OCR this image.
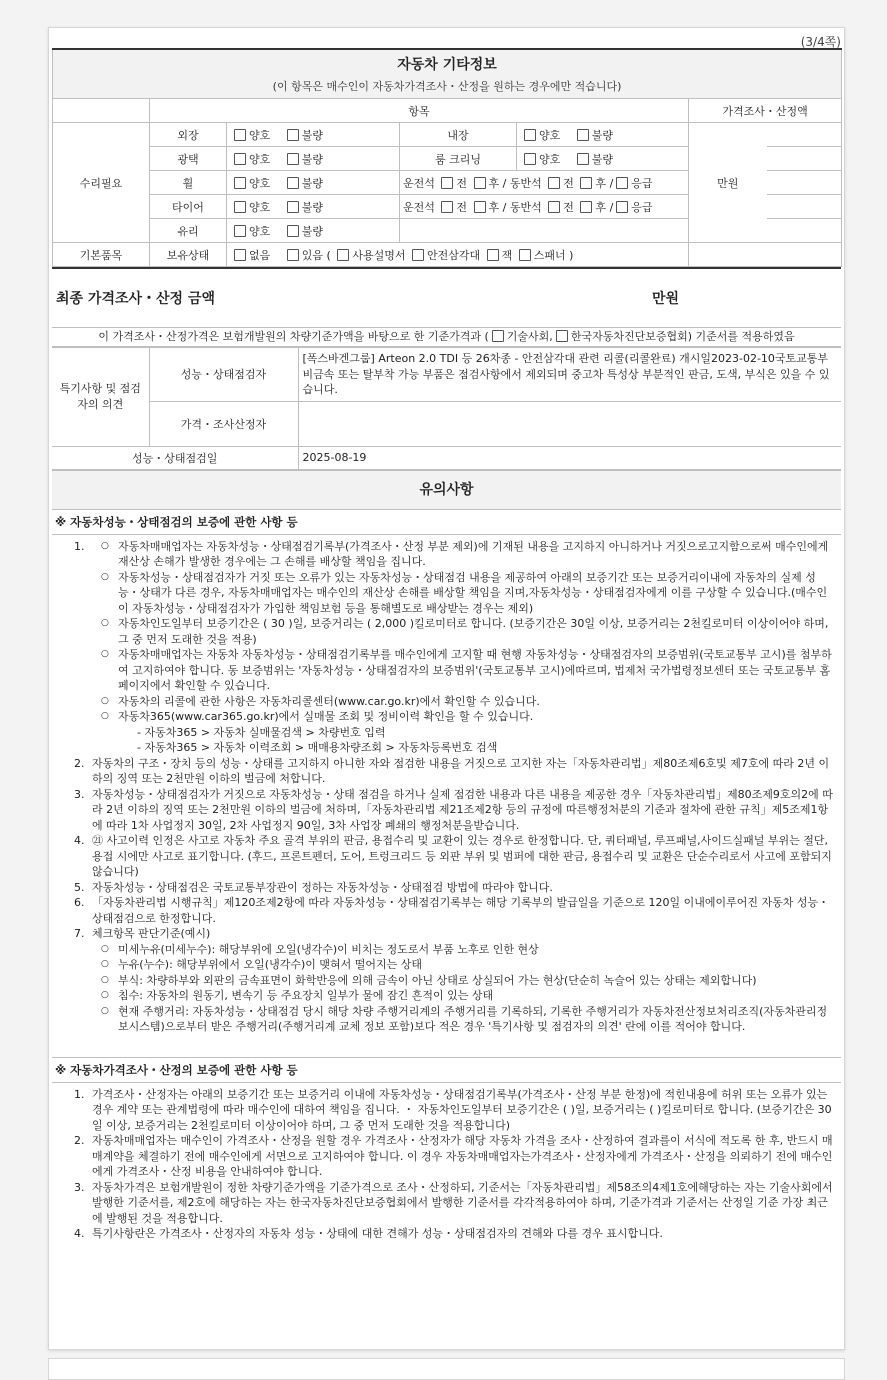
(3/4쪽)
자동차 기타정보
(이 항목은 매수인이 자동차가격조사・산정을 원하는 경우에만 적습니다)						

	항목				가격조사・산정액	
수리필요	외장	양호 불량	내장	양호 불량	만원	
	광택	양호 불량	룸 크리닝	양호 불량		
	휠	양호 불량	운전석 전 후 / 동반석 전 후 / 응급			
	타이어	양호 불량	운전석 전 후 / 동반석 전 후 / 응급			
	유리	양호 불량				
기본품목	보유상태	없음 있음 ( 사용설명서 안전삼각대 잭 스패너 )				
최종 가격조사・산정 금액	만원
이 가격조사・산정가격은 보험개발원의 차량기준가액을 바탕으로 한 기준가격과 ( 기술사회, 한국자동차진단보증협회) 기준서를 적용하였음
특기사항 및 점검자의 의견	성능・상태점검자	[폭스바겐그룹] Arteon 2.0 TDI 등 26차종 - 안전삼각대 관련 리콜(리콜완료) 개시일2023-02-10국토교통부비금속 또는 탈부착 가능 부품은 점검사항에서 제외되며 중고차 특성상 부분적인 판금, 도색, 부식은 있을 수 있습니다.
	가격・조사산정자	
성능・상태점검일		2025-08-19
유의사항
※ 자동차성능・상태점검의 보증에 관한 사항 등
1. ○ 자동차매매업자는 자동차성능・상태점검기록부(가격조사・산정 부분 제외)에 기재된 내용을 고지하지 아니하거나 거짓으로고지함으로써 매수인에게 재산상 손해가 발생한 경우에는 그 손해를 배상할 책임을 집니다.
○ 자동차성능・상태점검자가 거짓 또는 오류가 있는 자동차성능・상태점검 내용을 제공하여 아래의 보증기간 또는 보증거리이내에 자동차의 실제 성능・상태가 다른 경우, 자동차매매업자는 매수인의 재산상 손해를 배상할 책임을 지며,자동차성능・상태점검자에게 이를 구상할 수 있습니다.(매수인이 자동차성능・상태점검자가 가입한 책임보험 등을 통해별도로 배상받는 경우는 제외)
○ 자동차인도일부터 보증기간은 ( 30 )일, 보증거리는 ( 2,000 )킬로미터로 합니다. (보증기간은 30일 이상, 보증거리는 2천킬로미터 이상이어야 하며, 그 중 먼저 도래한 것을 적용)
○ 자동차매매업자는 자동차 자동차성능・상태점검기록부를 매수인에게 고지할 때 현행 자동차성능・상태점검자의 보증범위(국토교통부 고시)를 첨부하여 고지하여야 합니다. 동 보증범위는 '자동차성능・상태점검자의 보증범위'(국토교통부 고시)에따르며, 법제처 국가법령정보센터 또는 국토교통부 홈페이지에서 확인할 수 있습니다.
○ 자동차의 리콜에 관한 사항은 자동차리콜센터(www.car.go.kr)에서 확인할 수 있습니다.
○ 자동차365(www.car365.go.kr)에서 실매물 조회 및 정비이력 확인을 할 수 있습니다.
- 자동차365 > 자동차 실매물검색 > 차량번호 입력
- 자동차365 > 자동차 이력조회 > 매매용차량조회 > 자동차등록번호 검색
2. 자동차의 구조・장치 등의 성능・상태를 고지하지 아니한 자와 점검한 내용을 거짓으로 고지한 자는「자동차관리법」제80조제6호및 제7호에 따라 2년 이하의 징역 또는 2천만원 이하의 벌금에 처합니다.
3. 자동차성능・상태점검자가 거짓으로 자동차성능・상태 점검을 하거나 실제 점검한 내용과 다른 내용을 제공한 경우「자동차관리법」제80조제9호의2에 따라 2년 이하의 징역 또는 2천만원 이하의 벌금에 처하며,「자동차관리법 제21조제2항 등의 규정에 따른행정처분의 기준과 절차에 관한 규칙」제5조제1항에 따라 1차 사업정지 30일, 2차 사업정지 90일, 3차 사업장 폐쇄의 행정처분을받습니다.
4. ㉑ 사고이력 인정은 사고로 자동차 주요 골격 부위의 판금, 용접수리 및 교환이 있는 경우로 한정합니다. 단, 쿼터패널, 루프패널,사이드실패널 부위는 절단, 용접 시에만 사고로 표기합니다. (후드, 프론트펜더, 도어, 트렁크리드 등 외판 부위 및 범퍼에 대한 판금, 용접수리 및 교환은 단순수리로서 사고에 포함되지않습니다)
5. 자동차성능・상태점검은 국토교통부장관이 정하는 자동차성능・상태점검 방법에 따라야 합니다.
6. 「자동차관리법 시행규칙」제120조제2항에 따라 자동차성능・상태점검기록부는 해당 기록부의 발급일을 기준으로 120일 이내에이루어진 자동차 성능・상태점검으로 한정합니다.
7. 체크항목 판단기준(예시)
○ 미세누유(미세누수): 해당부위에 오일(냉각수)이 비치는 정도로서 부품 노후로 인한 현상
○ 누유(누수): 해당부위에서 오일(냉각수)이 맺혀서 떨어지는 상태
○ 부식: 차량하부와 외판의 금속표면이 화학반응에 의해 금속이 아닌 상태로 상실되어 가는 현상(단순히 녹슬어 있는 상태는 제외합니다)
○ 침수: 자동차의 원동기, 변속기 등 주요장치 일부가 물에 잠긴 흔적이 있는 상태
○ 현재 주행거리: 자동차성능・상태점검 당시 해당 차량 주행거리계의 주행거리를 기록하되, 기록한 주행거리가 자동차전산정보처리조직(자동차관리정보시스템)으로부터 받은 주행거리(주행거리계 교체 정보 포함)보다 적은 경우 '특기사항 및 점검자의 의견' 란에 이를 적어야 합니다.
※ 자동차가격조사・산정의 보증에 관한 사항 등
1. 가격조사・산정자는 아래의 보증기간 또는 보증거리 이내에 자동차성능・상태점검기록부(가격조사・산정 부분 한정)에 적힌내용에 허위 또는 오류가 있는 경우 계약 또는 관계법령에 따라 매수인에 대하여 책임을 집니다. ・ 자동차인도일부터 보증기간은 ( )일, 보증거리는 ( )킬로미터로 합니다. (보증기간은 30일 이상, 보증거리는 2천킬로미터 이상이어야 하며, 그 중 먼저 도래한 것을 적용합니다)
2. 자동차매매업자는 매수인이 가격조사・산정을 원할 경우 가격조사・산정자가 해당 자동차 가격을 조사・산정하여 결과를이 서식에 적도록 한 후, 반드시 매매계약을 체결하기 전에 매수인에게 서면으로 고지하여야 합니다. 이 경우 자동차매매업자는가격조사・산정자에게 가격조사・산정을 의뢰하기 전에 매수인에게 가격조사・산정 비용을 안내하여야 합니다.
3. 자동차가격은 보험개발원이 정한 차량기준가액을 기준가격으로 조사・산정하되, 기준서는「자동차관리법」제58조의4제1호에해당하는 자는 기술사회에서 발행한 기준서를, 제2호에 해당하는 자는 한국자동차진단보증협회에서 발행한 기준서를 각각적용하여야 하며, 기준가격과 기준서는 산정일 기준 가장 최근에 발행된 것을 적용합니다.
4. 특기사항란은 가격조사・산정자의 자동차 성능・상태에 대한 견해가 성능・상태점검자의 견해와 다를 경우 표시합니다.
